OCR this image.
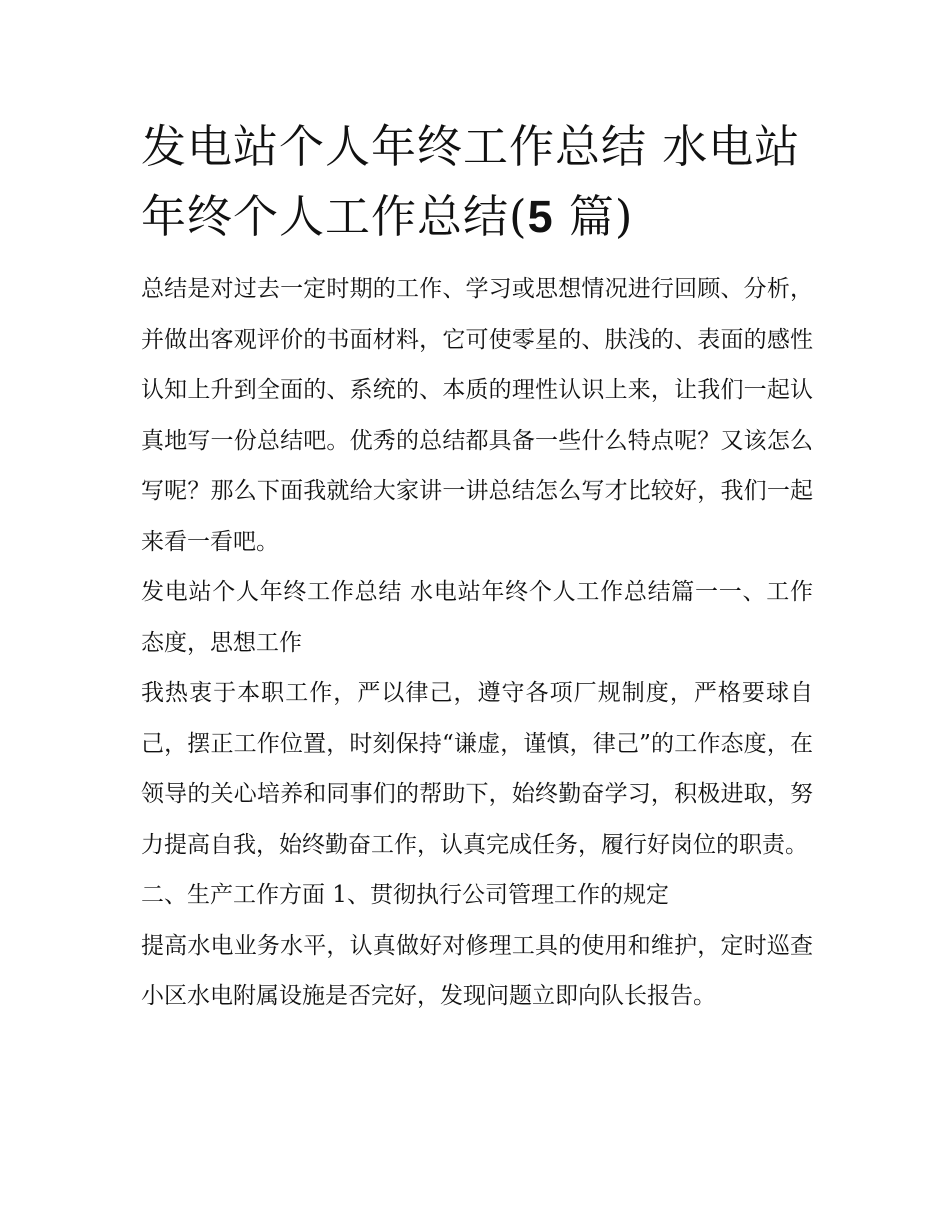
发电站个人年终工作总结 水电站年终个人工作总结(5 篇)

总结是对过去一定时期的工作、学习或思想情况进行回顾、分析，并做出客观评价的书面材料，它可使零星的、肤浅的、表面的感性认知上升到全面的、系统的、本质的理性认识上来，让我们一起认真地写一份总结吧。优秀的总结都具备一些什么特点呢？又该怎么写呢？那么下面我就给大家讲一讲总结怎么写才比较好，我们一起来看一看吧。

发电站个人年终工作总结 水电站年终个人工作总结篇一一、工作态度，思想工作

我热衷于本职工作，严以律己，遵守各项厂规制度，严格要球自己，摆正工作位置，时刻保持“谦虚，谨慎，律己”的工作态度，在领导的关心培养和同事们的帮助下，始终勤奋学习，积极进取，努力提高自我，始终勤奋工作，认真完成任务，履行好岗位的职责。

二、生产工作方面 1、贯彻执行公司管理工作的规定

提高水电业务水平，认真做好对修理工具的使用和维护，定时巡查小区水电附属设施是否完好，发现问题立即向队长报告。
